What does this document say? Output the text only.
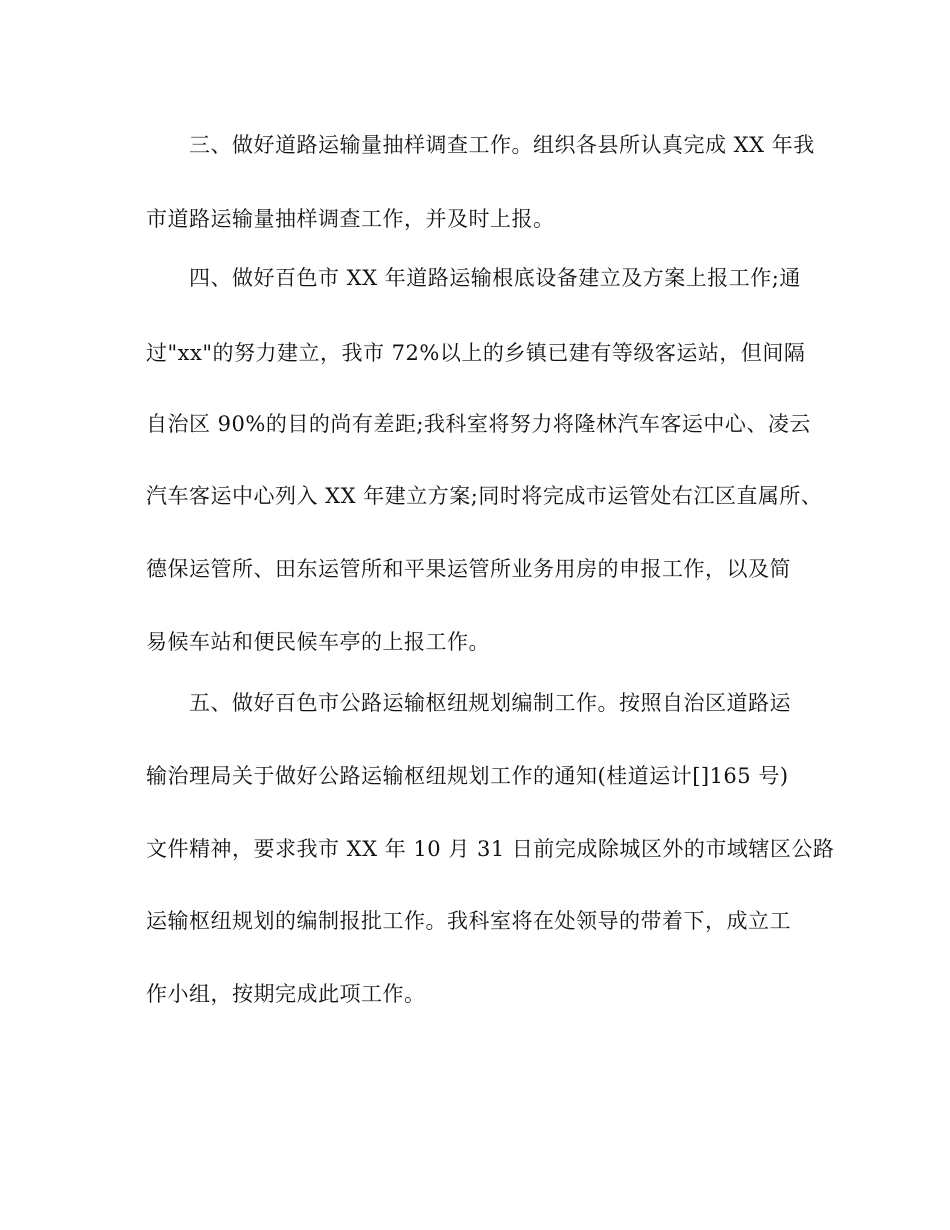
三、做好道路运输量抽样调查工作。组织各县所认真完成 XX 年我
市道路运输量抽样调查工作，并及时上报。
四、做好百色市 XX 年道路运输根底设备建立及方案上报工作;通
过"xx"的努力建立，我市 72%以上的乡镇已建有等级客运站，但间隔
自治区 90%的目的尚有差距;我科室将努力将隆林汽车客运中心、凌云
汽车客运中心列入 XX 年建立方案;同时将完成市运管处右江区直属所、
德保运管所、田东运管所和平果运管所业务用房的申报工作，以及简
易候车站和便民候车亭的上报工作。
五、做好百色市公路运输枢纽规划编制工作。按照自治区道路运
输治理局关于做好公路运输枢纽规划工作的通知(桂道运计[]165 号)
文件精神，要求我市 XX 年 10 月 31 日前完成除城区外的市域辖区公路
运输枢纽规划的编制报批工作。我科室将在处领导的带着下，成立工
作小组，按期完成此项工作。
